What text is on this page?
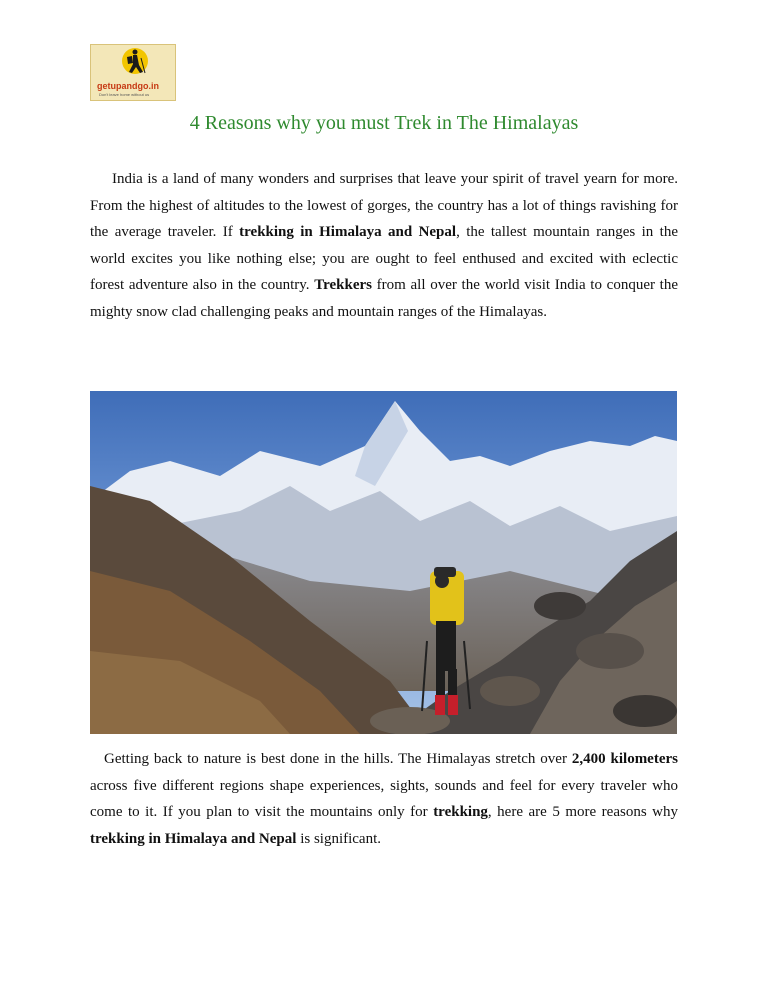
getupandgo.in
Don't leave home without us
4 Reasons why you must Trek in The Himalayas

India is a land of many wonders and surprises that leave your spirit of travel yearn for more. From the highest of altitudes to the lowest of gorges, the country has a lot of things ravishing for the average traveler. If trekking in Himalaya and Nepal, the tallest mountain ranges in the world excites you like nothing else; you are ought to feel enthused and excited with eclectic forest adventure also in the country. Trekkers from all over the world visit India to conquer the mighty snow clad challenging peaks and mountain ranges of the Himalayas.

Getting back to nature is best done in the hills. The Himalayas stretch over 2,400 kilometers across five different regions shape experiences, sights, sounds and feel for every traveler who come to it. If you plan to visit the mountains only for trekking, here are 5 more reasons why trekking in Himalaya and Nepal is significant.
